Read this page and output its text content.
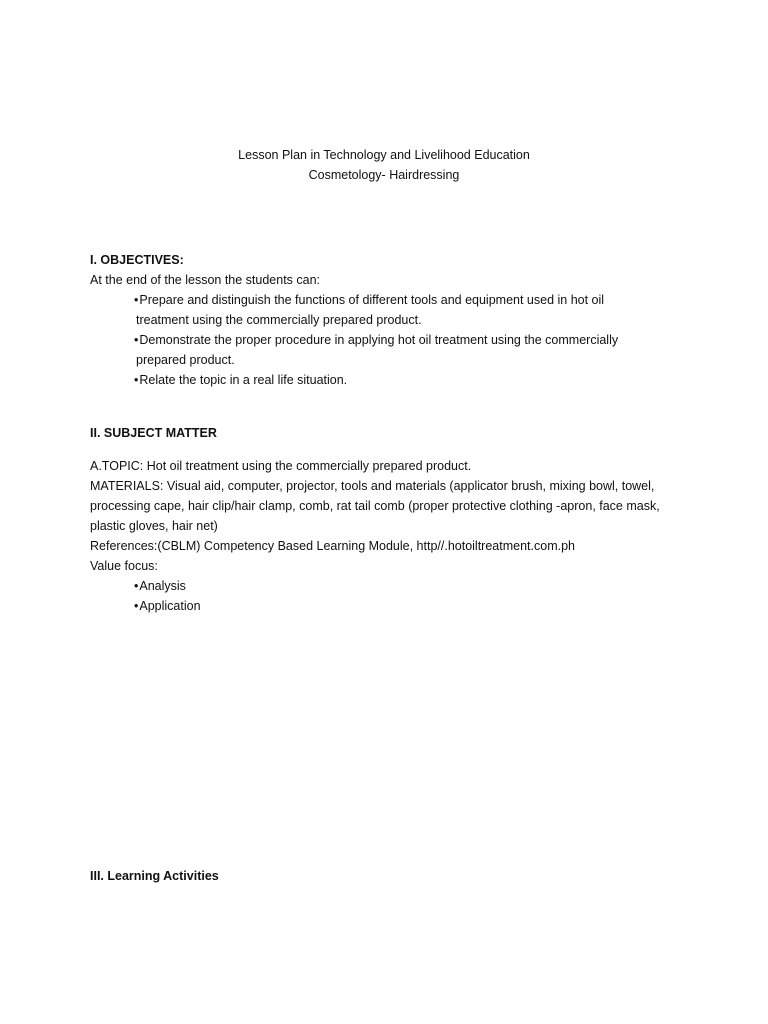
Lesson Plan in Technology and Livelihood Education
Cosmetology- Hairdressing
I. OBJECTIVES:
At the end of the lesson the students can:
•Prepare and distinguish the functions of different tools and equipment used in hot oil
treatment using the commercially prepared product.
•Demonstrate the proper procedure in applying hot oil treatment using the commercially
prepared product.
•Relate the topic in a real life situation.
II. SUBJECT MATTER
A.TOPIC: Hot oil treatment using the commercially prepared product.
MATERIALS: Visual aid, computer, projector, tools and materials (applicator brush, mixing bowl, towel,
processing cape, hair clip/hair clamp, comb, rat tail comb (proper protective clothing -apron, face mask,
plastic gloves, hair net)
References:(CBLM) Competency Based Learning Module, http//.hotoiltreatment.com.ph
Value focus:
•Analysis
•Application
III. Learning Activities
